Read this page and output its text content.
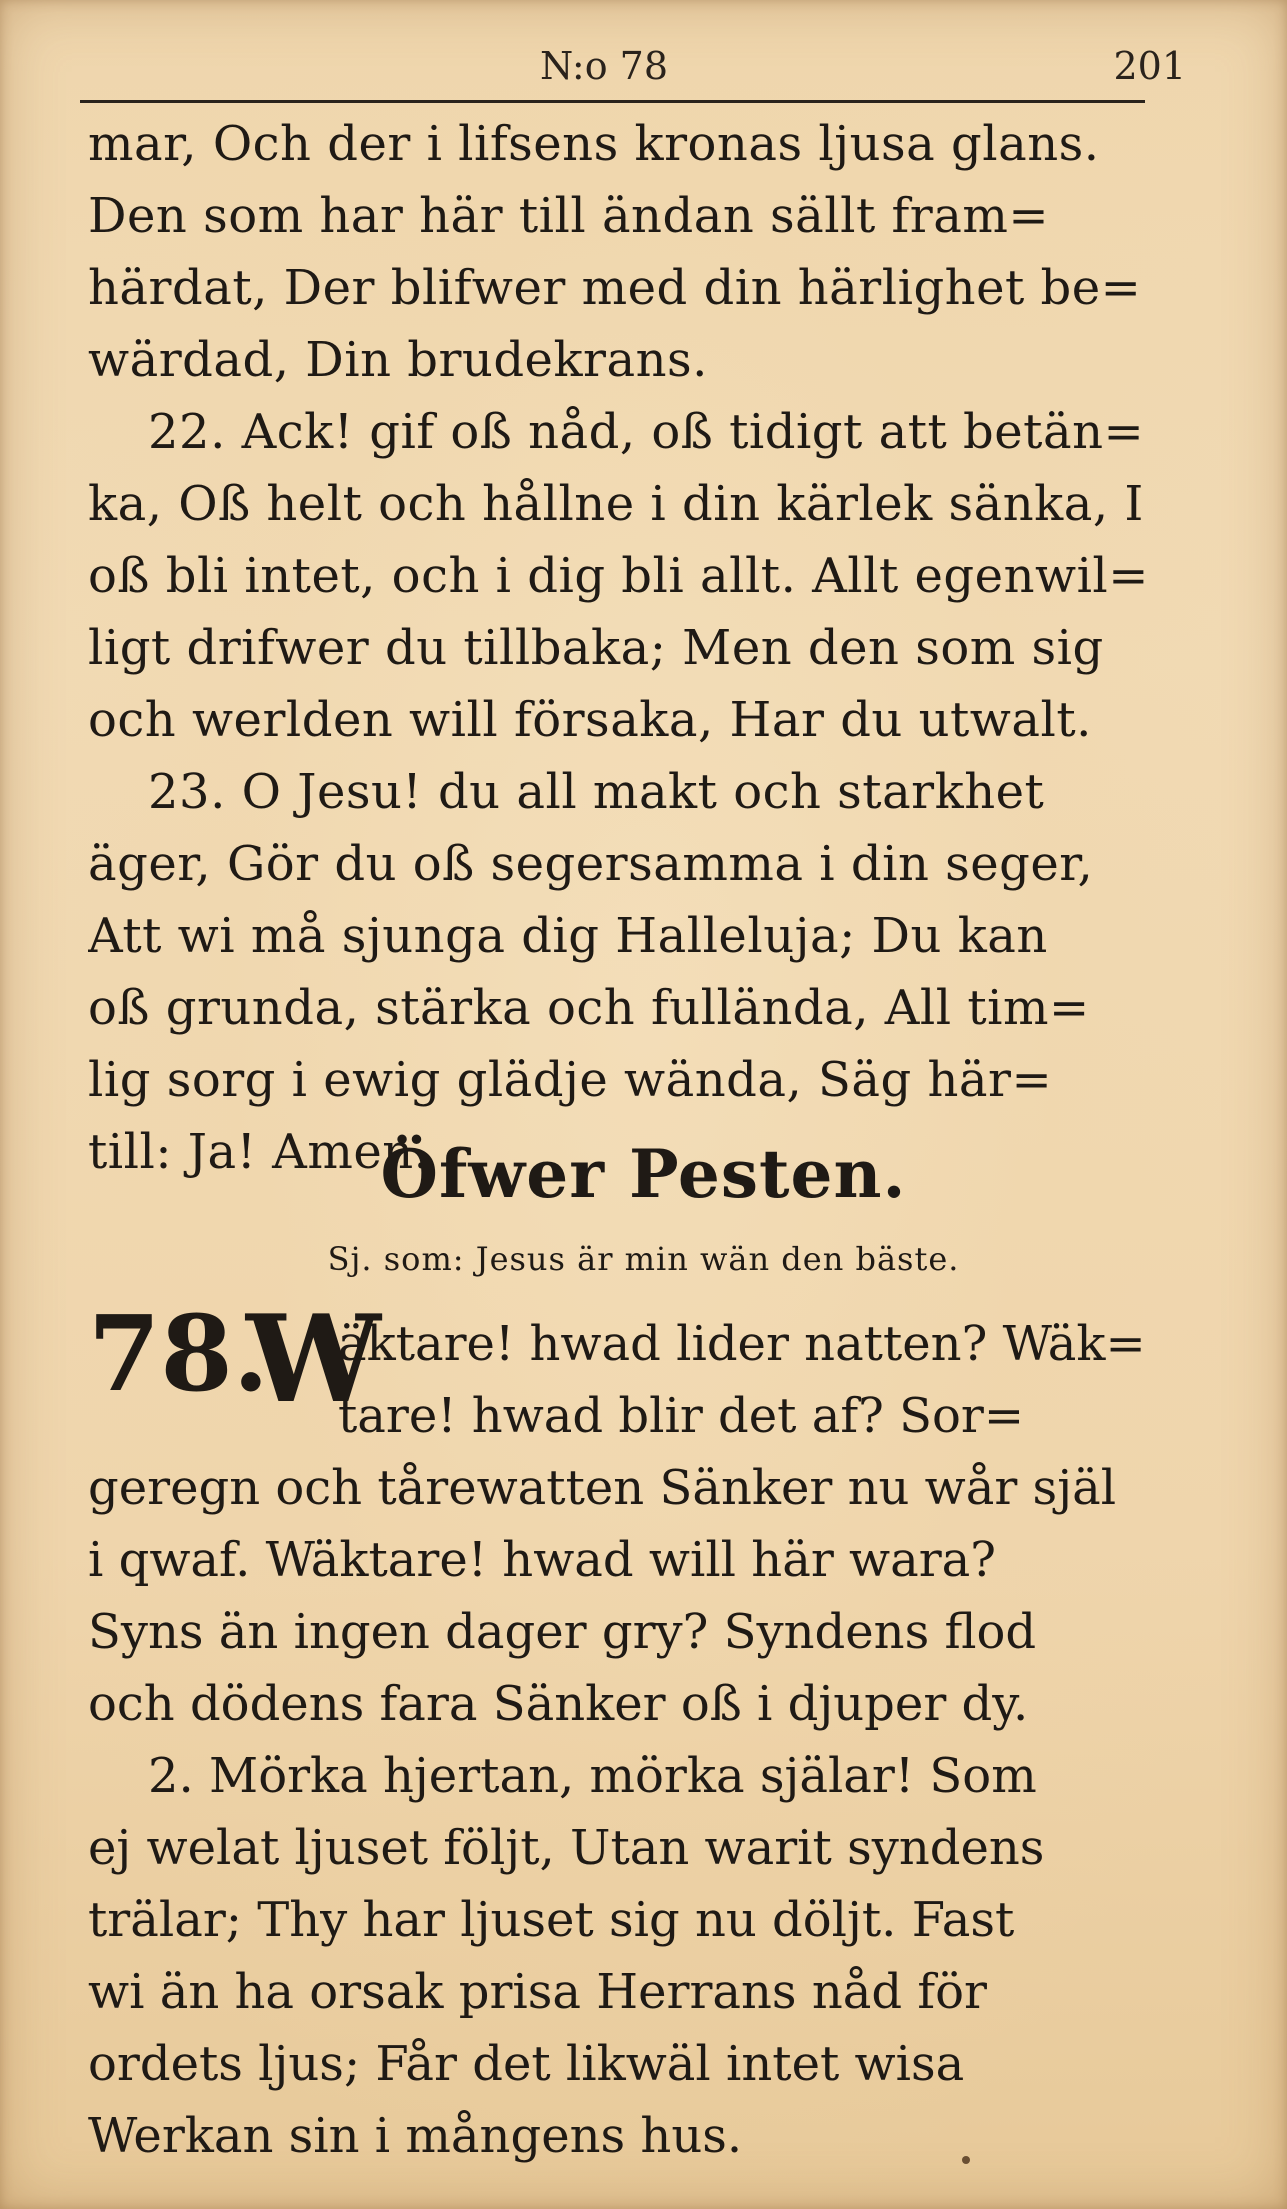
N:o 78	201
mar, Och der i lifsens kronas ljusa glans.
Den som har här till ändan sällt fram=
härdat, Der blifwer med din härlighet be=
wärdad, Din brudekrans.
22. Ack! gif oß nåd, oß tidigt att betän=
ka, Oß helt och hållne i din kärlek sänka, I
oß bli intet, och i dig bli allt. Allt egenwil=
ligt drifwer du tillbaka; Men den som sig
och werlden will försaka, Har du utwalt.
23. O Jesu! du all makt och starkhet
äger, Gör du oß segersamma i din seger,
Att wi må sjunga dig Halleluja; Du kan
oß grunda, stärka och fulländа, All tim=
lig sorg i ewig glädje wända, Säg här=
till: Ja! Amen.
Öfwer Pesten.
Sj. som: Jesus är min wän den bäste.
78.
W
äktare! hwad lider natten? Wäk=
tare! hwad blir det af? Sor=
geregn och tårewatten Sänker nu wår själ
i qwaf. Wäktare! hwad will här wara?
Syns än ingen dager gry? Syndens flod
och dödens fara Sänker oß i djuper dy.
2. Mörka hjertan, mörka själar! Som
ej welat ljuset följt, Utan warit syndens
trälar; Thy har ljuset sig nu döljt. Fast
wi än ha orsak prisa Herrans nåd för
ordets ljus; Får det likwäl intet wisa
Werkan sin i mångens hus.
